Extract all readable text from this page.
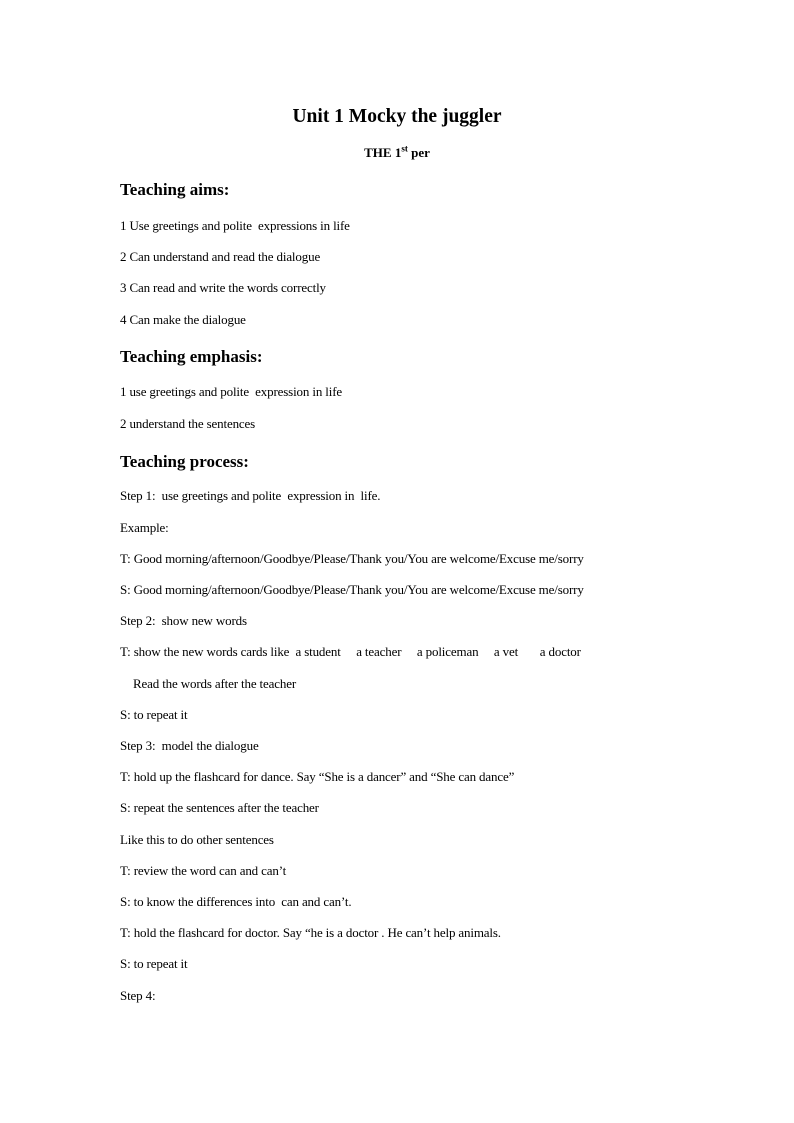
Unit 1 Mocky the juggler
THE 1st per
Teaching aims:
1 Use greetings and polite  expressions in life
2 Can understand and read the dialogue
3 Can read and write the words correctly
4 Can make the dialogue
Teaching emphasis:
1 use greetings and polite  expression in life
2 understand the sentences
Teaching process:
Step 1:  use greetings and polite  expression in  life.
Example:
T: Good morning/afternoon/Goodbye/Please/Thank you/You are welcome/Excuse me/sorry
S: Good morning/afternoon/Goodbye/Please/Thank you/You are welcome/Excuse me/sorry
Step 2:  show new words
T: show the new words cards like  a student     a teacher     a policeman     a vet       a doctor
Read the words after the teacher
S: to repeat it
Step 3:  model the dialogue
T: hold up the flashcard for dance. Say “She is a dancer” and “She can dance”
S: repeat the sentences after the teacher
Like this to do other sentences
T: review the word can and can’t
S: to know the differences into  can and can’t.
T: hold the flashcard for doctor. Say “he is a doctor . He can’t help animals.
S: to repeat it
Step 4:
